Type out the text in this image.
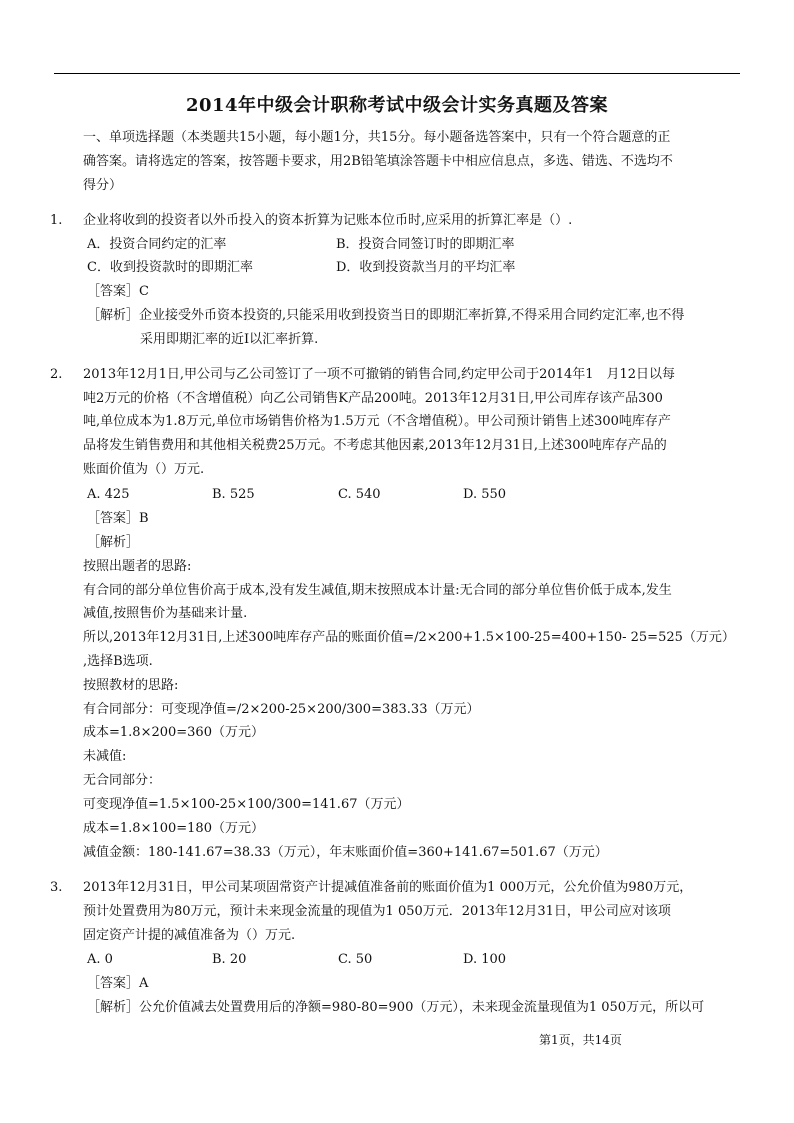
2014年中级会计职称考试中级会计实务真题及答案
一、单项选择题（本类题共15小题，每小题1分，共15分。每小题备选答案中，只有一个符合题意的正
确答案。请将选定的答案，按答题卡要求，用2B铅笔填涂答题卡中相应信息点，多选、错选、不选均不
得分）
1. 企业将收到的投资者以外币投入的资本折算为记账本位币时,应采用的折算汇率是（）.
A．投资合同约定的汇率	B．投资合同签订时的即期汇率
C．收到投资款时的即期汇率	D．收到投资款当月的平均汇率
［答案］C
［解析］企业接受外币资本投资的,只能采用收到投资当日的即期汇率折算,不得采用合同约定汇率,也不得
采用即期汇率的近Ⅰ以汇率折算.
2. 2013年12月1日,甲公司与乙公司签订了一项不可撤销的销售合同,约定甲公司于2014年1　月12日以每
吨2万元的价格（不含增值税）向乙公司销售K产品200吨。2013年12月31日,甲公司库存该产品300
吨,单位成本为1.8万元,单位市场销售价格为1.5万元（不含增值税）。甲公司预计销售上述300吨库存产
品将发生销售费用和其他相关税费25万元。不考虑其他因素,2013年12月31日,上述300吨库存产品的
账面价值为（）万元.
A. 425	B. 525	C. 540	D. 550
［答案］B
［解析］
按照出题者的思路:
有合同的部分单位售价高于成本,没有发生减值,期末按照成本计量:无合同的部分单位售价低于成本,发生
减值,按照售价为基础来计量.
所以,2013年12月31日,上述300吨库存产品的账面价值=/2×200+1.5×100-25=400+150- 25=525（万元）
,选择B选项.
按照教材的思路:
有合同部分：可变现净值=/2×200-25×200/300=383.33（万元）
成本=1.8×200=360（万元）
未减值:
无合同部分：
可变现净值=1.5×100-25×100/300=141.67（万元）
成本=1.8×100=180（万元）
减值金额：180-141.67=38.33（万元），年末账面价值=360+141.67=501.67（万元）
3. 2013年12月31日，甲公司某项固常资产计提减值准备前的账面价值为1 000万元，公允价值为980万元，
预计处置费用为80万元，预计未来现金流量的现值为1 050万元．2013年12月31日，甲公司应对该项
固定资产计提的减值准备为（）万元.
A. 0	B. 20	C. 50	D. 100
［答案］A
［解析］公允价值减去处置费用后的净额=980-80=900（万元），未来现金流量现值为1 050万元，所以可
第1页，共14页
